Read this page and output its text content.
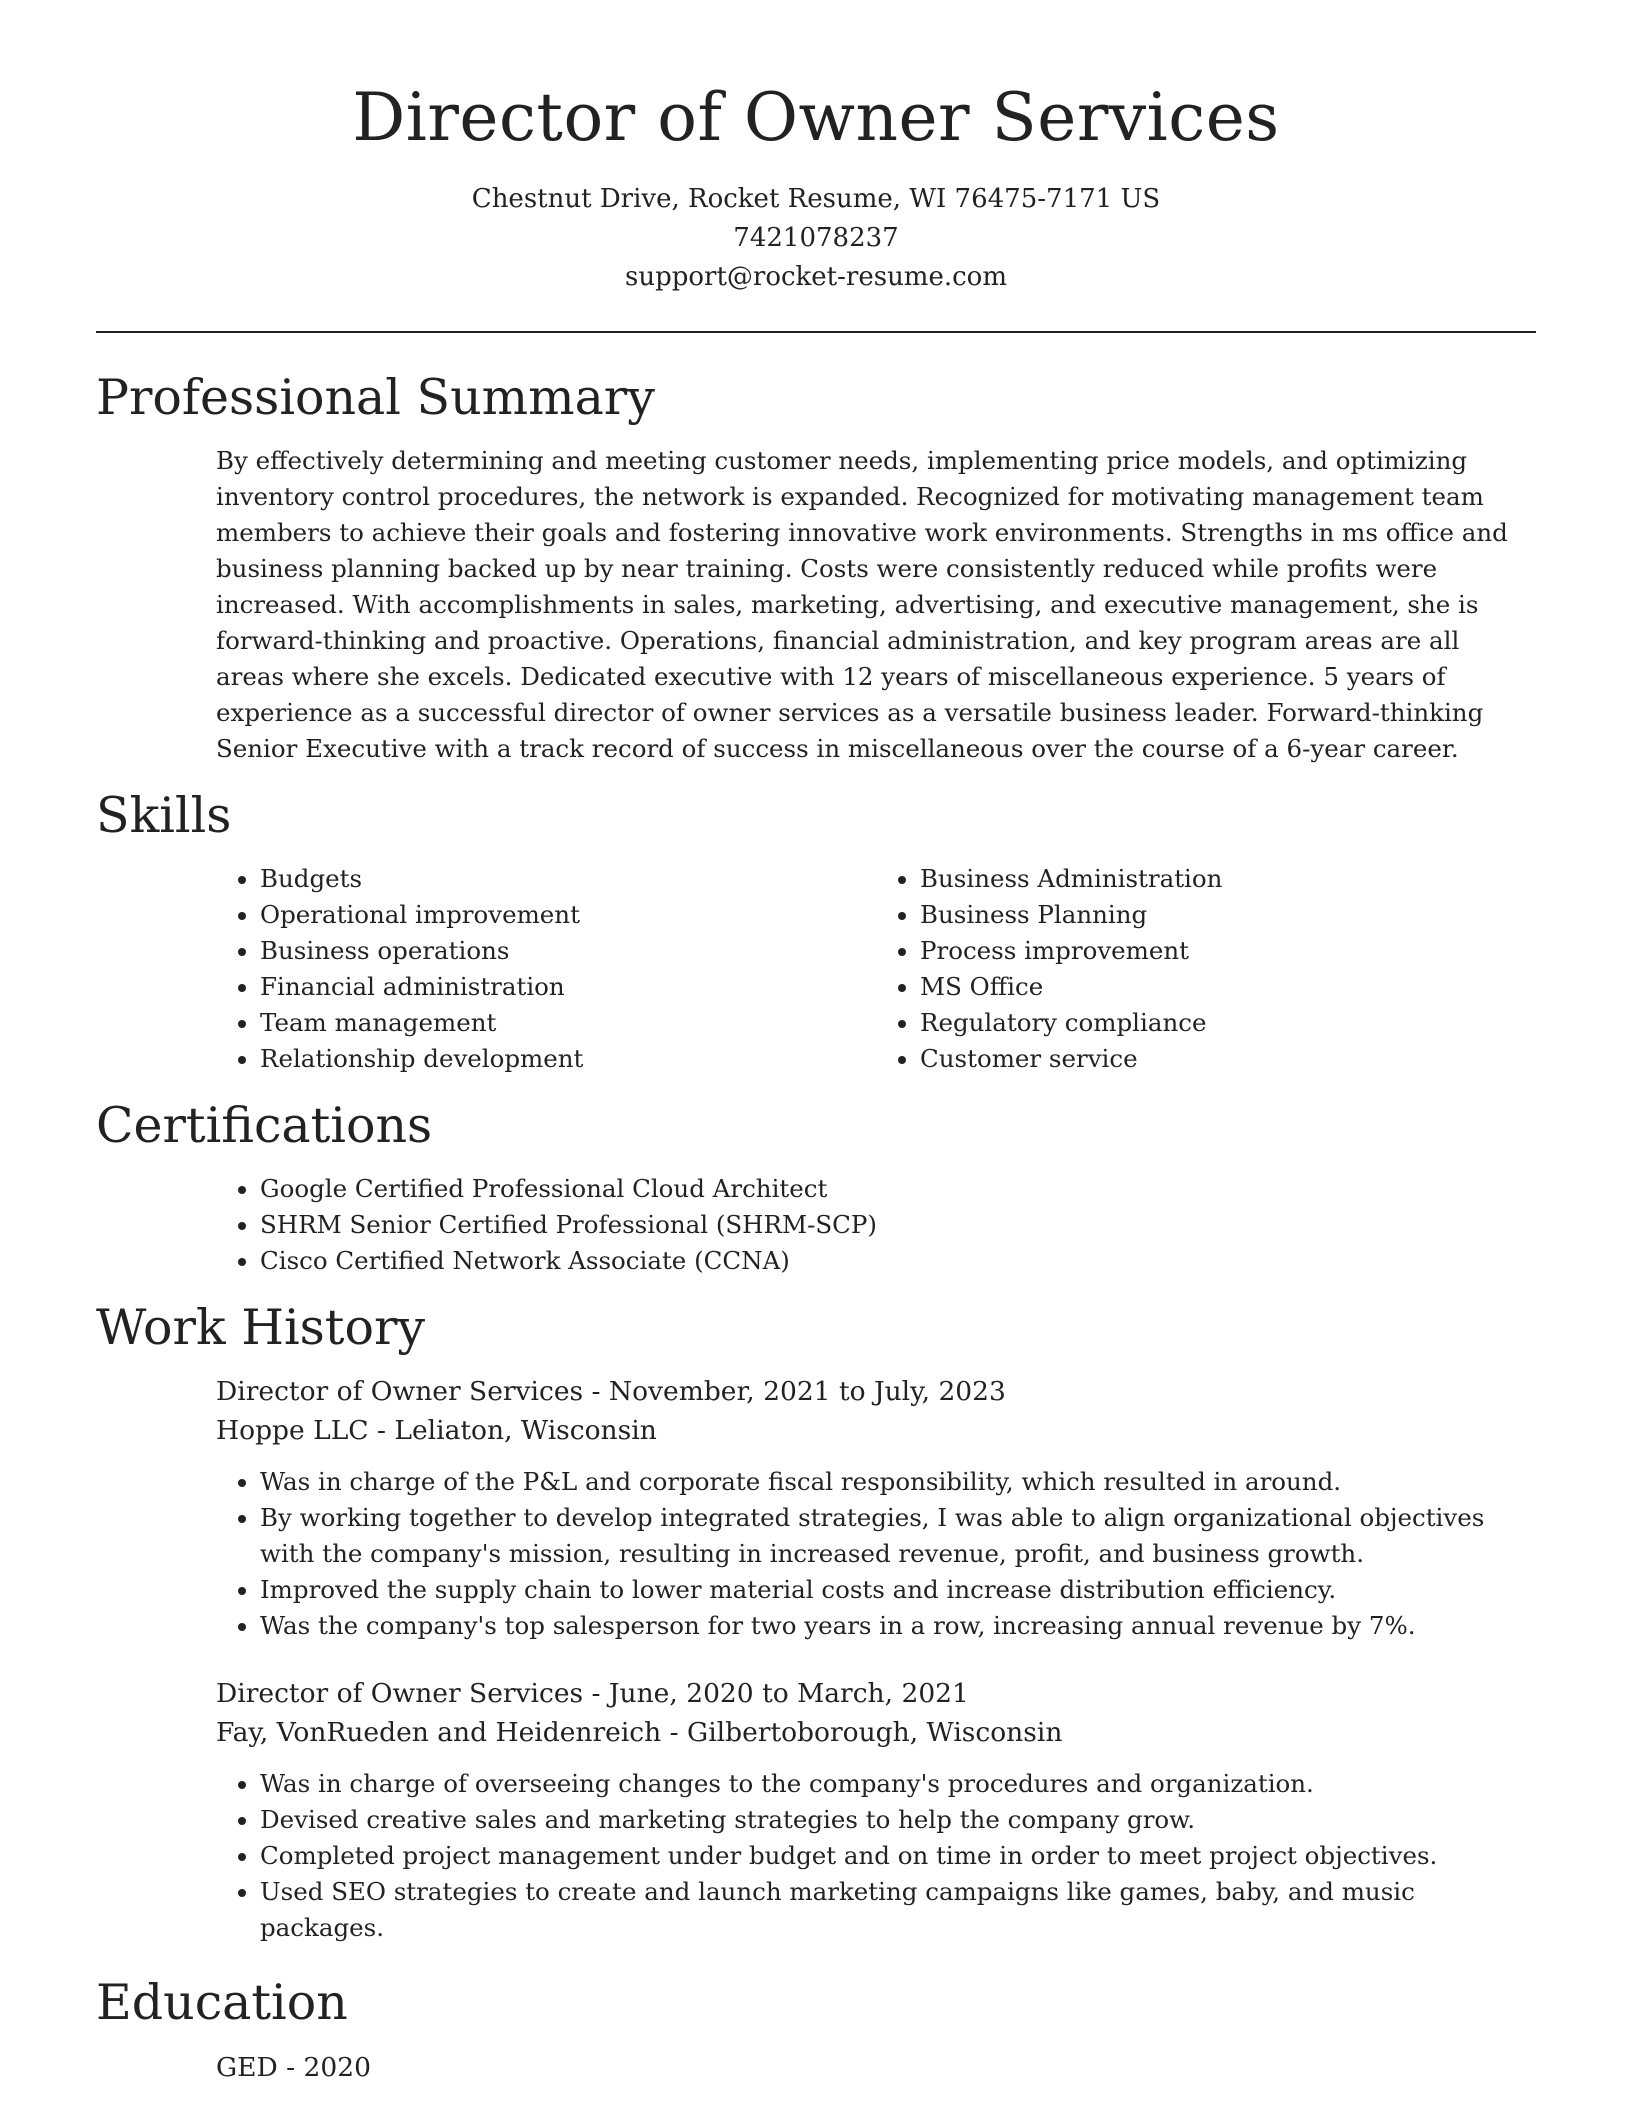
Director of Owner Services
Chestnut Drive, Rocket Resume, WI 76475-7171 US
7421078237
support@rocket-resume.com
Professional Summary

By effectively determining and meeting customer needs, implementing price models, and optimizing inventory control procedures, the network is expanded. Recognized for motivating management team members to achieve their goals and fostering innovative work environments. Strengths in ms office and business planning backed up by near training. Costs were consistently reduced while profits were increased. With accomplishments in sales, marketing, advertising, and executive management, she is forward-thinking and proactive. Operations, financial administration, and key program areas are all areas where she excels. Dedicated executive with 12 years of miscellaneous experience. 5 years of experience as a successful director of owner services as a versatile business leader. Forward-thinking Senior Executive with a track record of success in miscellaneous over the course of a 6-year career.

Skills
• Budgets
• Operational improvement
• Business operations
• Financial administration
• Team management
• Relationship development
• Business Administration
• Business Planning
• Process improvement
• MS Office
• Regulatory compliance
• Customer service
Certifications
• Google Certified Professional Cloud Architect
• SHRM Senior Certified Professional (SHRM-SCP)
• Cisco Certified Network Associate (CCNA)
Work History
Director of Owner Services - November, 2021 to July, 2023
Hoppe LLC - Leliaton, Wisconsin
• Was in charge of the P&L and corporate fiscal responsibility, which resulted in around.
• By working together to develop integrated strategies, I was able to align organizational objectives with the company's mission, resulting in increased revenue, profit, and business growth.
• Improved the supply chain to lower material costs and increase distribution efficiency.
• Was the company's top salesperson for two years in a row, increasing annual revenue by 7%.
Director of Owner Services - June, 2020 to March, 2021
Fay, VonRueden and Heidenreich - Gilbertoborough, Wisconsin
• Was in charge of overseeing changes to the company's procedures and organization.
• Devised creative sales and marketing strategies to help the company grow.
• Completed project management under budget and on time in order to meet project objectives.
• Used SEO strategies to create and launch marketing campaigns like games, baby, and music packages.
Education
GED - 2020
